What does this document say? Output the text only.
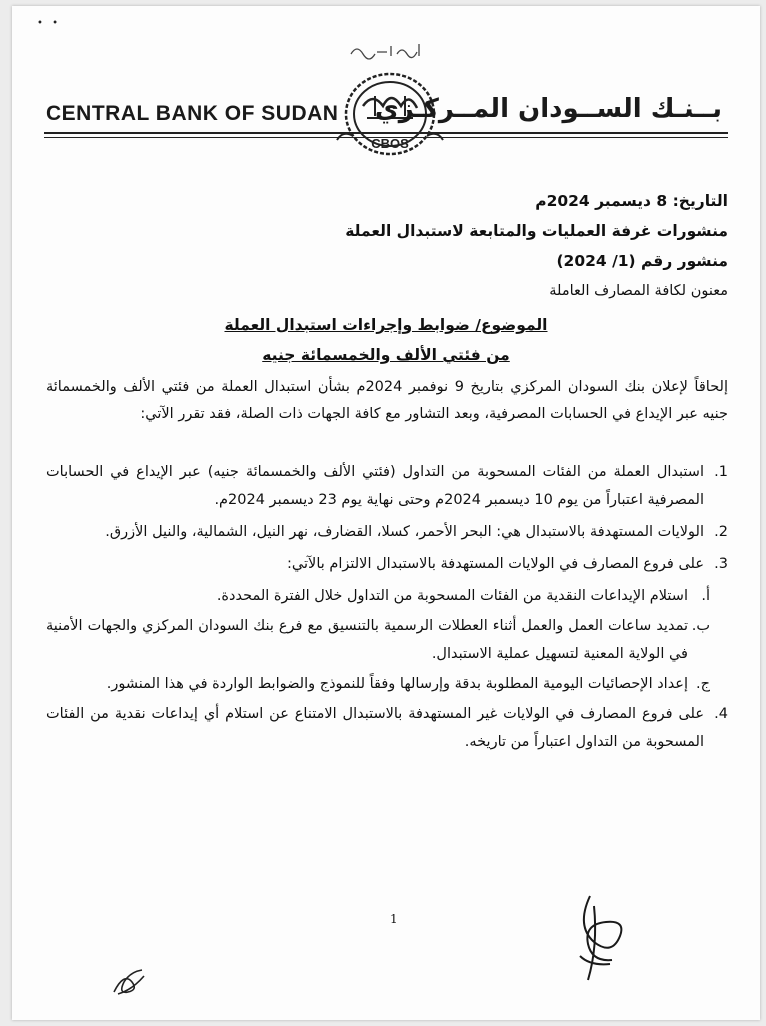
• •
CBOS
CENTRAL BANK OF SUDAN بــنـك الســودان المــركـزي
التاريخ: 8 ديسمبر 2024م
منشورات غرفة العمليات والمتابعة لاستبدال العملة
منشور رقم (1/ 2024)
معنون لكافة المصارف العاملة
الموضوع/ ضوابط وإجراءات استبدال العملة
من فئتي الألف والخمسمائة جنيه
إلحاقاً لإعلان بنك السودان المركزي بتاريخ 9 نوفمبر 2024م بشأن استبدال العملة من فئتي الألف والخمسمائة جنيه عبر الإيداع في الحسابات المصرفية، وبعد التشاور مع كافة الجهات ذات الصلة، فقد تقرر الآتي:
1.
استبدال العملة من الفئات المسحوبة من التداول (فئتي الألف والخمسمائة جنيه) عبر الإيداع في الحسابات المصرفية اعتباراً من يوم 10 ديسمبر 2024م وحتى نهاية يوم 23 ديسمبر 2024م.
2.
الولايات المستهدفة بالاستبدال هي: البحر الأحمر، كسلا، القضارف، نهر النيل، الشمالية، والنيل الأزرق.
3.
على فروع المصارف في الولايات المستهدفة بالاستبدال الالتزام بالآتي:
أ.
استلام الإيداعات النقدية من الفئات المسحوبة من التداول خلال الفترة المحددة.
ب.
تمديد ساعات العمل والعمل أثناء العطلات الرسمية بالتنسيق مع فرع بنك السودان المركزي والجهات الأمنية في الولاية المعنية لتسهيل عملية الاستبدال.
ج.
إعداد الإحصائيات اليومية المطلوبة بدقة وإرسالها وفقاً للنموذج والضوابط الواردة في هذا المنشور.
4.
على فروع المصارف في الولايات غير المستهدفة بالاستبدال الامتناع عن استلام أي إيداعات نقدية من الفئات المسحوبة من التداول اعتباراً من تاريخه.
1
